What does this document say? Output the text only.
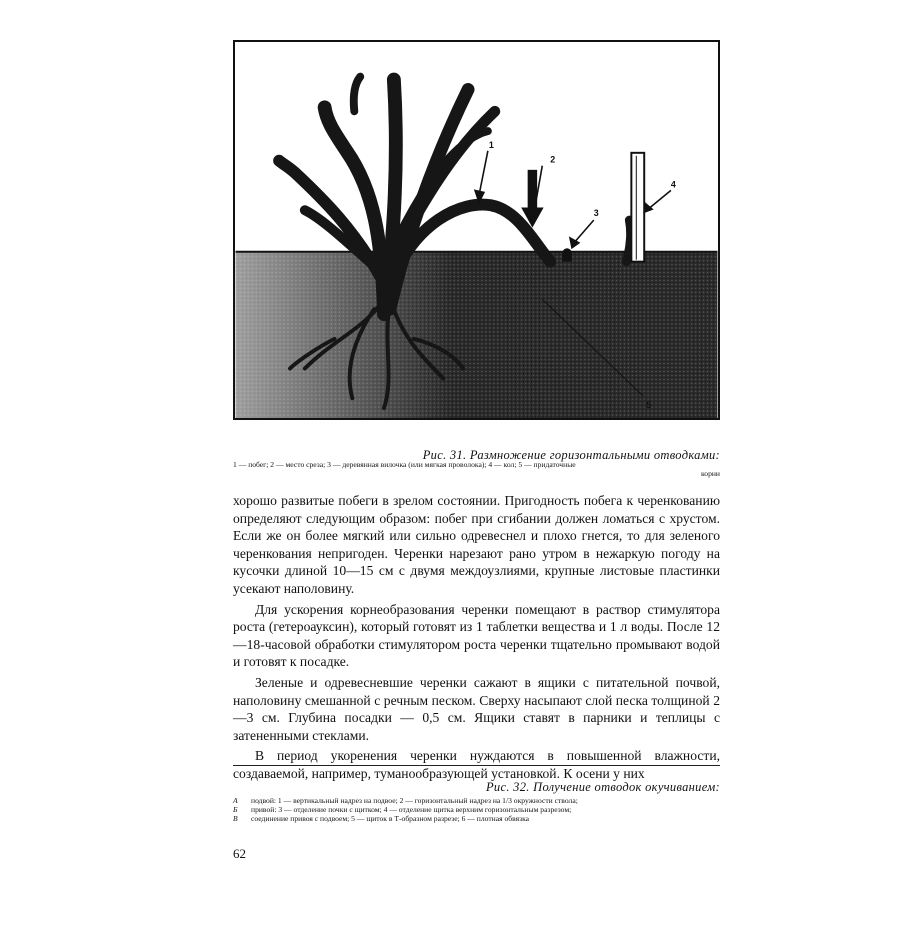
1
2
3
4
5
Рис. 31. Размножение горизонтальными отводками:
1 — побег; 2 — место среза; 3 — деревянная вилочка (или мягкая проволока); 4 — кол; 5 — придаточные
корни

хорошо развитые побеги в зрелом состоянии. Пригодность побега к черенкованию определяют следующим образом: побег при сгибании должен ломаться с хрустом. Если же он более мягкий или сильно одревеснел и плохо гнется, то для зеленого черенкования непригоден. Черенки нарезают рано утром в нежаркую погоду на кусочки длиной 10—15 см с двумя междоузлиями, крупные листовые пластинки усекают наполовину.

Для ускорения корнеобразования черенки помещают в раствор стимулятора роста (гетероауксин), который готовят из 1 таблетки вещества и 1 л воды. После 12—18-часовой обработки стимулятором роста черенки тщательно промывают водой и готовят к посадке.

Зеленые и одревесневшие черенки сажают в ящики с питательной почвой, наполовину смешанной с речным песком. Сверху насыпают слой песка толщиной 2—3 см. Глубина посадки — 0,5 см. Ящики ставят в парники и теплицы с затененными стеклами.

В период укоренения черенки нуждаются в повышенной влажности, создаваемой, например, туманообразующей установкой. К осени у них

Рис. 32. Получение отводок окучиванием:
А	подвой: 1 — вертикальный надрез на подвое; 2 — горизонтальный надрез на 1/3 окружности ствола;
Б	привой: 3 — отделение почки с щитком; 4 — отделение щитка верхним горизонтальным разрезом;
В	соединение привоя с подвоем; 5 — щиток в Т-образном разрезе; 6 — плотная обвязка
62
